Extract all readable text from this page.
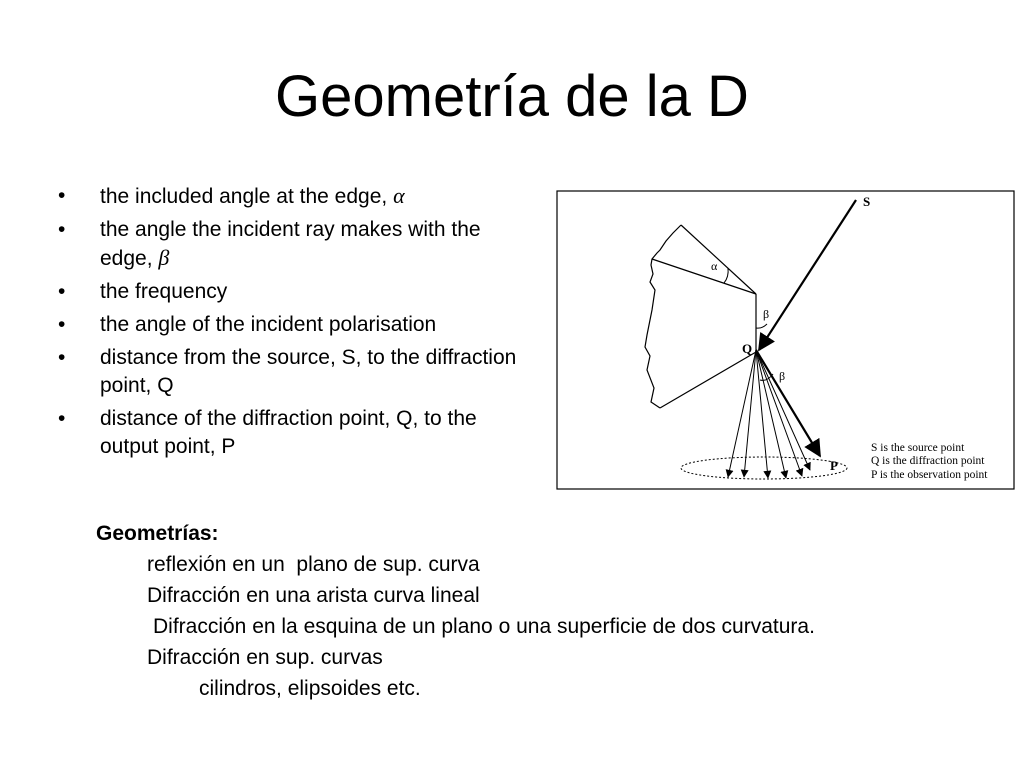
Geometría de la D
• the included angle at the edge, α
• the angle the incident ray makes with the edge, β
• the frequency
• the angle of the incident polarisation
• distance from the source, S, to the diffraction point, Q
• distance of the diffraction point, Q, to the output point, P
α
S
β
Q
β
P
S is the source point
Q is the diffraction point
P is the observation point
Geometrías:
reflexión en un  plano de sup. curva
Difracción en una arista curva lineal
Difracción en la esquina de un plano o una superficie de dos curvatura.
Difracción en sup. curvas
cilindros, elipsoides etc.
